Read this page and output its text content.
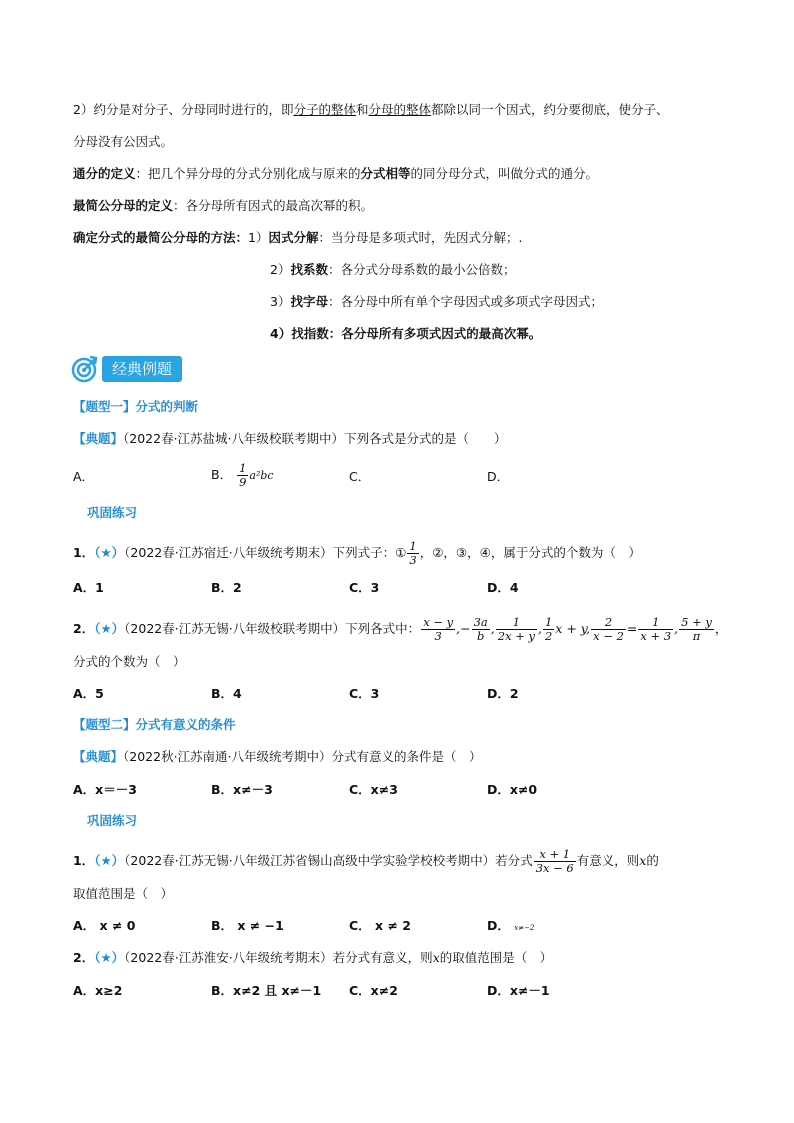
2）约分是对分子、分母同时进行的，即分子的整体和分母的整体都除以同一个因式，约分要彻底，使分子、
分母没有公因式。
通分的定义：把几个异分母的分式分别化成与原来的分式相等的同分母分式，叫做分式的通分。
最简公分母的定义：各分母所有因式的最高次幂的积。
确定分式的最简公分母的方法：1）因式分解：当分母是多项式时，先因式分解；.
2）找系数：各分式分母系数的最小公倍数；
3）找字母：各分母中所有单个字母因式或多项式字母因式；
4）找指数：各分母所有多项式因式的最高次幂。
经典例题
【题型一】分式的判断
【典题】（2022春·江苏盐城·八年级校联考期中）下列各式是分式的是（　　）
A．	B． $\frac{1}{9} a^2bc$	C．	D．
巩固练习
1．（★）（2022春·江苏宿迁·八年级统考期末）下列式子：① $\frac{1}{3}$ ，②，③，④，属于分式的个数为（　）
A．1	B．2	C．3	D．4
2．（★）（2022春·江苏无锡·八年级校联考期中）下列各式中： $\frac{x - y}{3}$ ,− $\frac{3a}{b}$ , $\frac{1}{2x + y}$ , $\frac{1}{2}$ x + y, $\frac{2}{x - 2} = \frac{1}{x + 3}$ , $\frac{5 + y}{\pi}$ ，
分式的个数为（　）
A．5	B．4	C．3	D．2
【题型二】分式有意义的条件
【典题】（2022秋·江苏南通·八年级统考期中）分式有意义的条件是（　）
A．x＝－3	B．x≠－3	C．x≠3	D．x≠0
巩固练习
1．（★）（2022春·江苏无锡·八年级江苏省锡山高级中学实验学校校考期中）若分式 $\frac{x + 1}{3x - 6}$ 有意义，则x的
取值范围是（　）
A． x ≠ 0	B． x ≠ −1	C． x ≠ 2	D． x≠−2
2．（★）（2022春·江苏淮安·八年级统考期末）若分式有意义，则x的取值范围是（　）
A．x≥2	B．x≠2 且 x≠－1 C．x≠2	D．x≠－1
